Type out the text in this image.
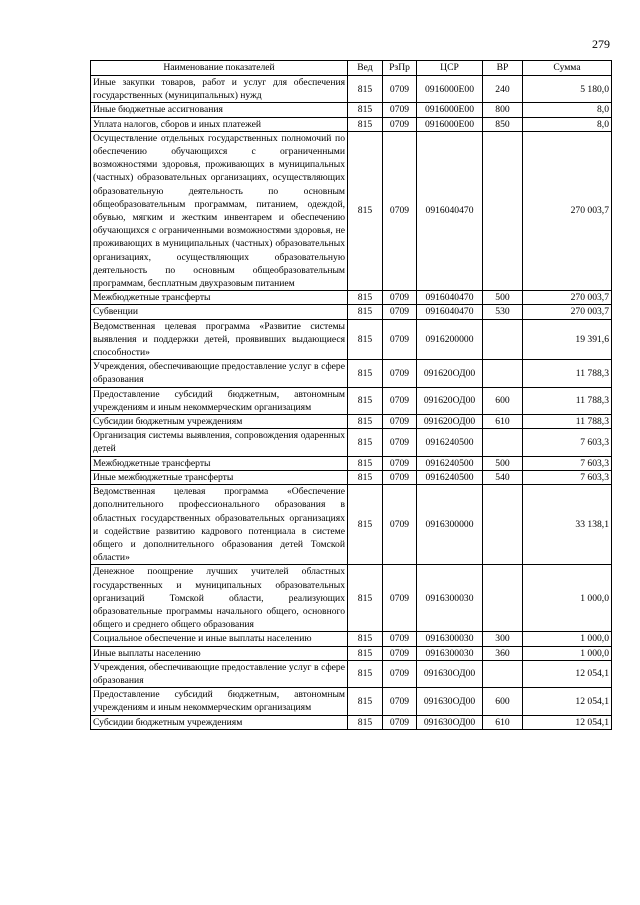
279
Наименование показателей	Вед	РзПр	ЦСР	ВР	Сумма
Иные закупки товаров, работ и услуг для обеспечения государственных (муниципальных) нужд	815	0709	0916000Е00	240	5 180,0
Иные бюджетные ассигнования	815	0709	0916000Е00	800	8,0
Уплата налогов, сборов и иных платежей	815	0709	0916000Е00	850	8,0
Осуществление отдельных государственных полномочий по обеспечению обучающихся с ограниченными возможностями здоровья, проживающих в муниципальных (частных) образовательных организациях, осуществляющих образовательную деятельность по основным общеобразовательным программам, питанием, одеждой, обувью, мягким и жестким инвентарем и обеспечению обучающихся с ограниченными возможностями здоровья, не проживающих в муниципальных (частных) образовательных организациях, осуществляющих образовательную деятельность по основным общеобразовательным программам, бесплатным двухразовым питанием	815	0709	0916040470		270 003,7
Межбюджетные трансферты	815	0709	0916040470	500	270 003,7
Субвенции	815	0709	0916040470	530	270 003,7
Ведомственная целевая программа «Развитие системы выявления и поддержки детей, проявивших выдающиеся способности»	815	0709	0916200000		19 391,6
Учреждения, обеспечивающие предоставление услуг в сфере образования	815	0709	091620ОД00		11 788,3
Предоставление субсидий бюджетным, автономным учреждениям и иным некоммерческим организациям	815	0709	091620ОД00	600	11 788,3
Субсидии бюджетным учреждениям	815	0709	091620ОД00	610	11 788,3
Организация системы выявления, сопровождения одаренных детей	815	0709	0916240500		7 603,3
Межбюджетные трансферты	815	0709	0916240500	500	7 603,3
Иные межбюджетные трансферты	815	0709	0916240500	540	7 603,3
Ведомственная целевая программа «Обеспечение дополнительного профессионального образования в областных государственных образовательных организациях и содействие развитию кадрового потенциала в системе общего и дополнительного образования детей Томской области»	815	0709	0916300000		33 138,1
Денежное поощрение лучших учителей областных государственных и муниципальных образовательных организаций Томской области, реализующих образовательные программы начального общего, основного общего и среднего общего образования	815	0709	0916300030		1 000,0
Социальное обеспечение и иные выплаты населению	815	0709	0916300030	300	1 000,0
Иные выплаты населению	815	0709	0916300030	360	1 000,0
Учреждения, обеспечивающие предоставление услуг в сфере образования	815	0709	091630ОД00		12 054,1
Предоставление субсидий бюджетным, автономным учреждениям и иным некоммерческим организациям	815	0709	091630ОД00	600	12 054,1
Субсидии бюджетным учреждениям	815	0709	091630ОД00	610	12 054,1
